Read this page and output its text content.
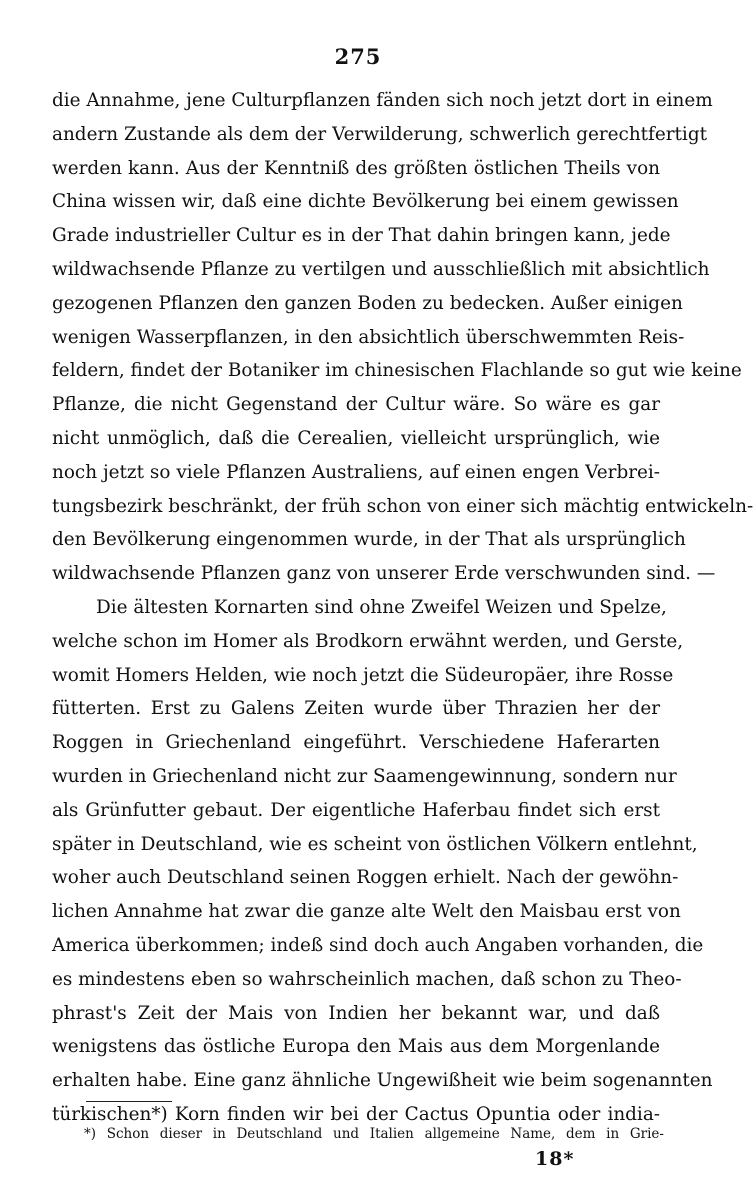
275
die Annahme, jene Culturpflanzen fänden sich noch jetzt dort in einem
andern Zustande als dem der Verwilderung, schwerlich gerechtfertigt
werden kann. Aus der Kenntniß des größten östlichen Theils von
China wissen wir, daß eine dichte Bevölkerung bei einem gewissen
Grade industrieller Cultur es in der That dahin bringen kann, jede
wildwachsende Pflanze zu vertilgen und ausschließlich mit absichtlich
gezogenen Pflanzen den ganzen Boden zu bedecken. Außer einigen
wenigen Wasserpflanzen, in den absichtlich überschwemmten Reis-
feldern, findet der Botaniker im chinesischen Flachlande so gut wie keine
Pflanze, die nicht Gegenstand der Cultur wäre. So wäre es gar
nicht unmöglich, daß die Cerealien, vielleicht ursprünglich, wie
noch jetzt so viele Pflanzen Australiens, auf einen engen Verbrei-
tungsbezirk beschränkt, der früh schon von einer sich mächtig entwickeln-
den Bevölkerung eingenommen wurde, in der That als ursprünglich
wildwachsende Pflanzen ganz von unserer Erde verschwunden sind. —
Die ältesten Kornarten sind ohne Zweifel Weizen und Spelze,
welche schon im Homer als Brodkorn erwähnt werden, und Gerste,
womit Homers Helden, wie noch jetzt die Südeuropäer, ihre Rosse
fütterten. Erst zu Galens Zeiten wurde über Thrazien her der
Roggen in Griechenland eingeführt. Verschiedene Haferarten
wurden in Griechenland nicht zur Saamengewinnung, sondern nur
als Grünfutter gebaut. Der eigentliche Haferbau findet sich erst
später in Deutschland, wie es scheint von östlichen Völkern entlehnt,
woher auch Deutschland seinen Roggen erhielt. Nach der gewöhn-
lichen Annahme hat zwar die ganze alte Welt den Maisbau erst von
America überkommen; indeß sind doch auch Angaben vorhanden, die
es mindestens eben so wahrscheinlich machen, daß schon zu Theo-
phrast's Zeit der Mais von Indien her bekannt war, und daß
wenigstens das östliche Europa den Mais aus dem Morgenlande
erhalten habe. Eine ganz ähnliche Ungewißheit wie beim sogenannten
türkischen*) Korn finden wir bei der Cactus Opuntia oder india-
*) Schon dieser in Deutschland und Italien allgemeine Name, dem in Grie-
18*
